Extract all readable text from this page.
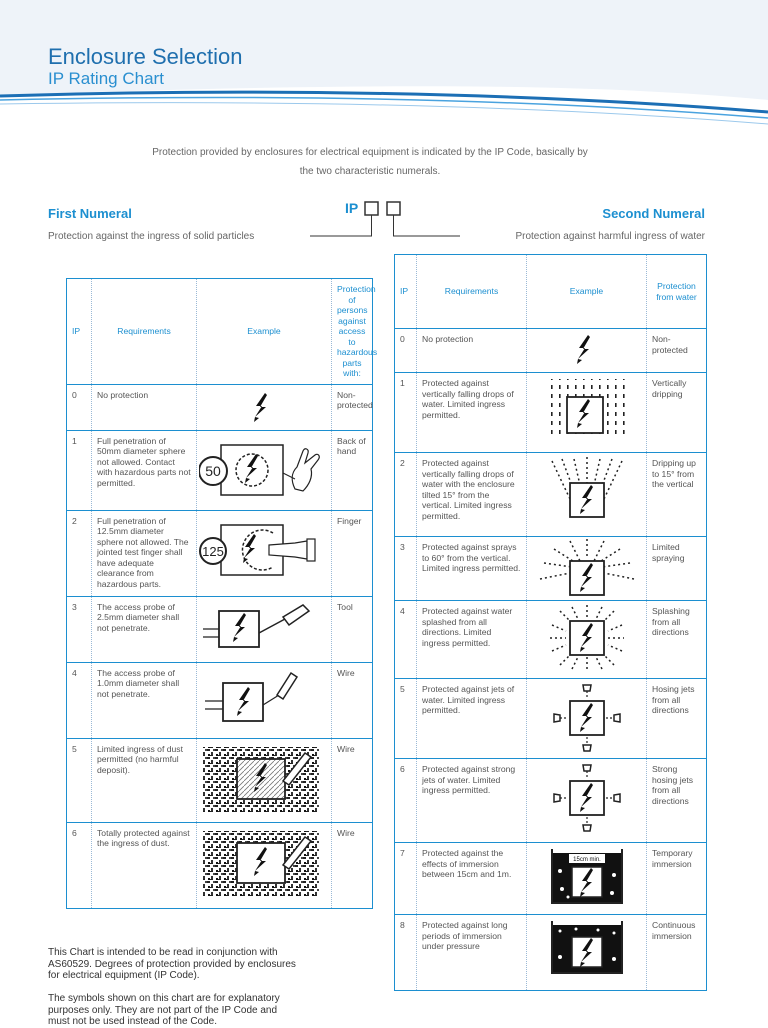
Enclosure Selection
IP Rating Chart
Protection provided by enclosures for electrical equipment is indicated by the IP Code, basically by the two characteristic numerals.
First Numeral
Protection against the ingress of solid particles
Second Numeral
Protection against harmful ingress of water
IP
IP	Requirements	Example	Protection of persons against access to hazardous parts with:
0	No protection		Non-protected
1	Full penetration of 50mm diameter sphere not allowed. Contact with hazardous parts not permitted.	50	Back of hand
2	Full penetration of 12.5mm diameter sphere not allowed. The jointed test finger shall have adequate clearance from hazardous parts.	125	Finger
3	The access probe of 2.5mm diameter shall not penetrate.		Tool
4	The access probe of 1.0mm diameter shall not penetrate.		Wire
5	Limited ingress of dust permitted (no harmful deposit).		Wire
6	Totally protected against the ingress of dust.		Wire
IP	Requirements	Example	Protection from water
0	No protection		Non-protected
1	Protected against vertically falling drops of water. Limited ingress permitted.		Vertically dripping
2	Protected against vertically falling drops of water with the enclosure tilted 15° from the vertical. Limited ingress permitted.		Dripping up to 15° from the vertical
3	Protected against sprays to 60° from the vertical. Limited ingress permitted.		Limited spraying
4	Protected against water splashed from all directions. Limited ingress permitted.		Splashing from all directions
5	Protected against jets of water. Limited ingress permitted.		Hosing jets from all directions
6	Protected against strong jets of water. Limited ingress permitted.		Strong hosing jets from all directions
7	Protected against the effects of immersion between 15cm and 1m.	15cm min.	Temporary immersion
8	Protected against long periods of immersion under pressure		Continuous immersion
This Chart is intended to be read in conjunction with AS60529. Degrees of protection provided by enclosures for electrical equipment (IP Code).
The symbols shown on this chart are for explanatory purposes only. They are not part of the IP Code and must not be used instead of the Code.
